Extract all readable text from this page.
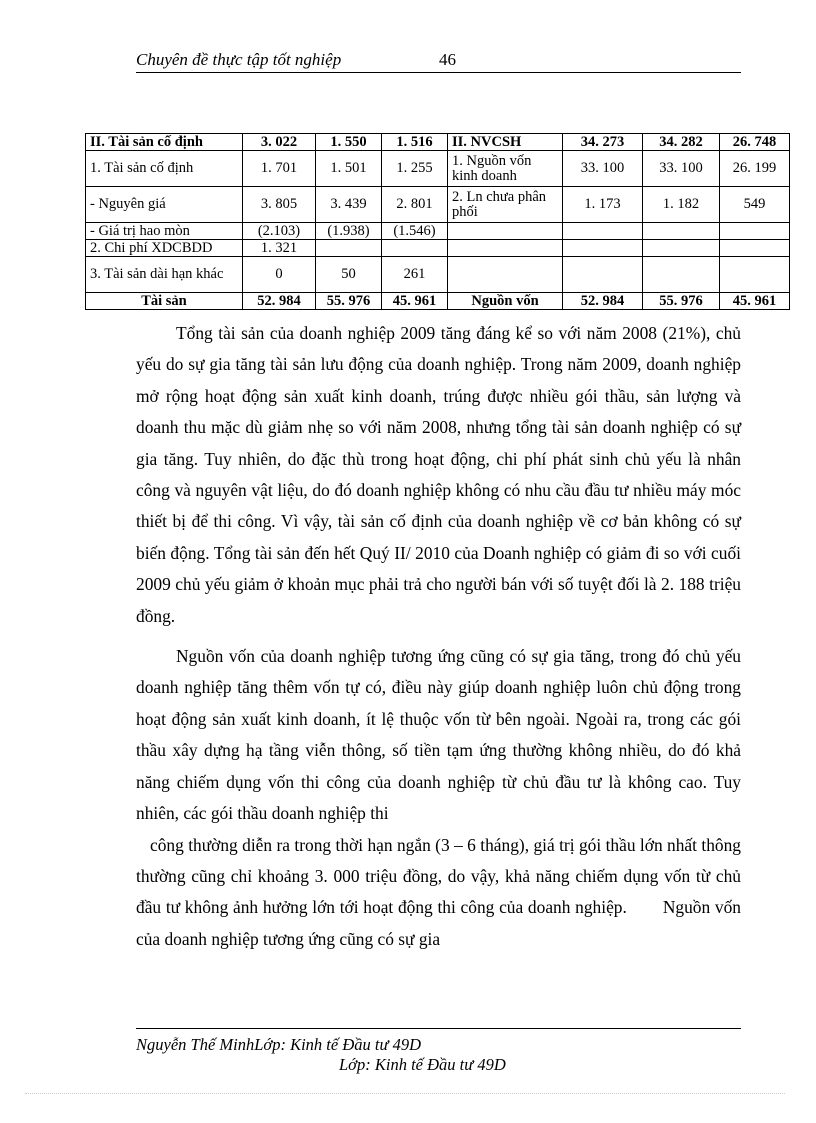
Chuyên đề thực tập tốt nghiệp	46
II. Tài sản cố định	3. 022	1. 550	1. 516	II. NVCSH	34. 273	34. 282	26. 748
1. Tài sản cố định	1. 701	1. 501	1. 255	1. Nguồn vốn kinh doanh	33. 100	33. 100	26. 199
- Nguyên giá	3. 805	3. 439	2. 801	2. Ln chưa phân phối	1. 173	1. 182	549
- Giá trị hao mòn	(2.103)	(1.938)	(1.546)				
2. Chi phí XDCBDD	1. 321						
3. Tài sản dài hạn khác	0	50	261				
Tài sản	52. 984	55. 976	45. 961	Nguồn vốn	52. 984	55. 976	45. 961

Tổng tài sản của doanh nghiệp 2009 tăng đáng kể so với năm 2008 (21%), chủ yếu do sự gia tăng tài sản lưu động của doanh nghiệp. Trong năm 2009, doanh nghiệp mở rộng hoạt động sản xuất kinh doanh, trúng được nhiều gói thầu, sản lượng và doanh thu mặc dù giảm nhẹ so với năm 2008, nhưng tổng tài sản doanh nghiệp có sự gia tăng. Tuy nhiên, do đặc thù trong hoạt động, chi phí phát sinh chủ yếu là nhân công và nguyên vật liệu, do đó doanh nghiệp không có nhu cầu đầu tư nhiều máy móc thiết bị để thi công. Vì vậy, tài sản cố định của doanh nghiệp về cơ bản không có sự biến động. Tổng tài sản đến hết Quý II/ 2010 của Doanh nghiệp có giảm đi so với cuối 2009 chủ yếu giảm ở khoản mục phải trả cho người bán với số tuyệt đối là 2. 188 triệu đồng.

Nguồn vốn của doanh nghiệp tương ứng cũng có sự gia tăng, trong đó chủ yếu doanh nghiệp tăng thêm vốn tự có, điều này giúp doanh nghiệp luôn chủ động trong hoạt động sản xuất kinh doanh, ít lệ thuộc vốn từ bên ngoài. Ngoài ra, trong các gói thầu xây dựng hạ tầng viễn thông, số tiền tạm ứng thường không nhiều, do đó khả năng chiếm dụng vốn thi công của doanh nghiệp từ chủ đầu tư là không cao. Tuy nhiên, các gói thầu doanh nghiệp thi

công thường diễn ra trong thời hạn ngắn (3 – 6 tháng), giá trị gói thầu lớn nhất thông thường cũng chỉ khoảng 3. 000 triệu đồng, do vậy, khả năng chiếm dụng vốn từ chủ đầu tư không ảnh hưởng lớn tới hoạt động thi công của doanh nghiệp. Nguồn vốn của doanh nghiệp tương ứng cũng có sự gia

Nguyễn Thế MinhLớp: Kinh tế Đầu tư 49D
Lớp: Kinh tế Đầu tư 49D
